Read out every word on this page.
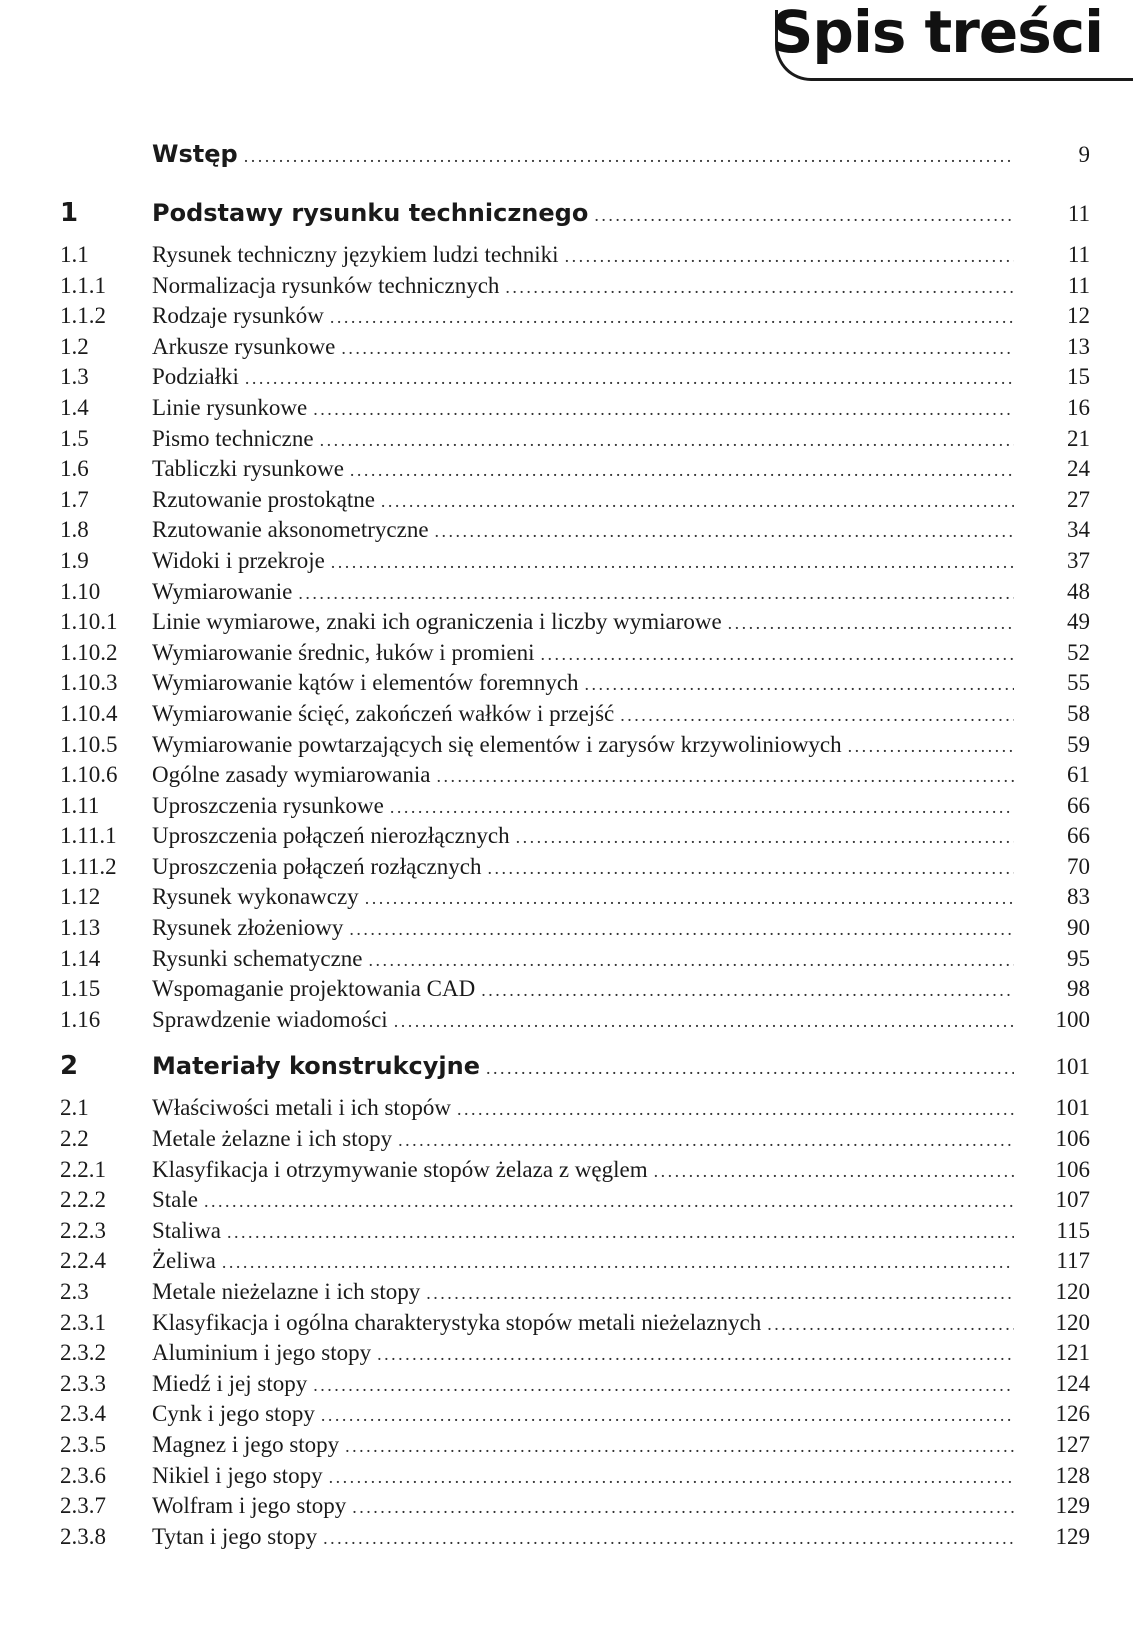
Spis treści
Wstęp . . .	9
1	Podstawy rysunku technicznego . . .	11
1.1	Rysunek techniczny językiem ludzi techniki . . .	11
1.1.1	Normalizacja rysunków technicznych . . .	11
1.1.2	Rodzaje rysunków . . .	12
1.2	Arkusze rysunkowe . . .	13
1.3	Podziałki . . .	15
1.4	Linie rysunkowe . . .	16
1.5	Pismo techniczne . . .	21
1.6	Tabliczki rysunkowe . . .	24
1.7	Rzutowanie prostokątne . . .	27
1.8	Rzutowanie aksonometryczne . . .	34
1.9	Widoki i przekroje . . .	37
1.10	Wymiarowanie . . .	48
1.10.1	Linie wymiarowe, znaki ich ograniczenia i liczby wymiarowe . . .	49
1.10.2	Wymiarowanie średnic, łuków i promieni . . .	52
1.10.3	Wymiarowanie kątów i elementów foremnych . . .	55
1.10.4	Wymiarowanie ścięć, zakończeń wałków i przejść . . .	58
1.10.5	Wymiarowanie powtarzających się elementów i zarysów krzywoliniowych . . .	59
1.10.6	Ogólne zasady wymiarowania . . .	61
1.11	Uproszczenia rysunkowe . . .	66
1.11.1	Uproszczenia połączeń nierozłącznych . . .	66
1.11.2	Uproszczenia połączeń rozłącznych . . .	70
1.12	Rysunek wykonawczy . . .	83
1.13	Rysunek złożeniowy . . .	90
1.14	Rysunki schematyczne . . .	95
1.15	Wspomaganie projektowania CAD . . .	98
1.16	Sprawdzenie wiadomości . . .	100
2	Materiały konstrukcyjne . . .	101
2.1	Właściwości metali i ich stopów . . .	101
2.2	Metale żelazne i ich stopy . . .	106
2.2.1	Klasyfikacja i otrzymywanie stopów żelaza z węglem . . .	106
2.2.2	Stale . . .	107
2.2.3	Staliwa . . .	115
2.2.4	Żeliwa . . .	117
2.3	Metale nieżelazne i ich stopy . . .	120
2.3.1	Klasyfikacja i ogólna charakterystyka stopów metali nieżelaznych . . .	120
2.3.2	Aluminium i jego stopy . . .	121
2.3.3	Miedź i jej stopy . . .	124
2.3.4	Cynk i jego stopy . . .	126
2.3.5	Magnez i jego stopy . . .	127
2.3.6	Nikiel i jego stopy . . .	128
2.3.7	Wolfram i jego stopy . . .	129
2.3.8	Tytan i jego stopy . . .	129
